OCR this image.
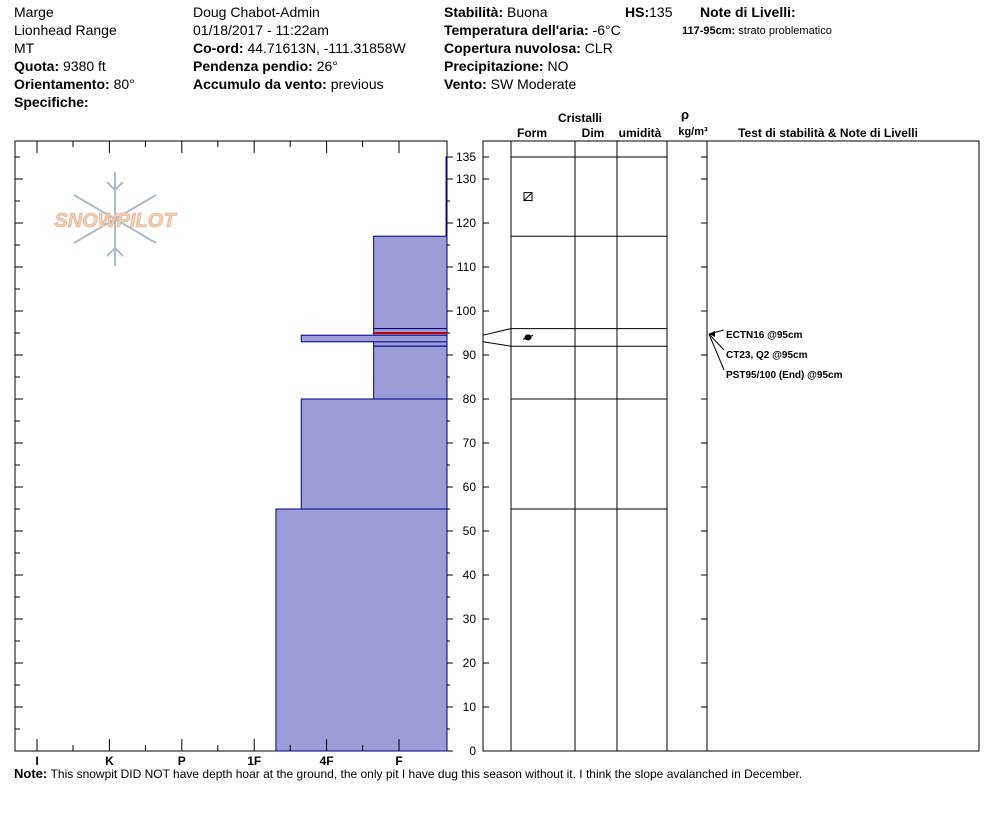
Marge
Lionhead Range
MT
Quota: 9380 ft
Orientamento: 80°
Specifiche:
Doug Chabot-Admin
01/18/2017 - 11:22am
Co-ord: 44.71613N, -111.31858W
Pendenza pendio: 26°
Accumulo da vento: previous
Stabilità: Buona
Temperatura dell'aria: -6°C
Copertura nuvolosa: CLR
Precipitazione: NO
Vento: SW Moderate
HS:135 Note di Livelli:
117-95cm: strato problematico
SNOWPILOT
I	K	P	1F	4F	F
0
10
20
30
40
50
60
70
80
90
100
110
120
130
135
ECTN16 @95cm
CT23, Q2 @95cm
PST95/100 (End) @95cm
Cristalli
Form	Dim umidità
ρ
kg/m³	Test di stabilità & Note di Livelli
Note: This snowpit DID NOT have depth hoar at the ground, the only pit I have dug this season without it. I think the slope avalanched in December.
